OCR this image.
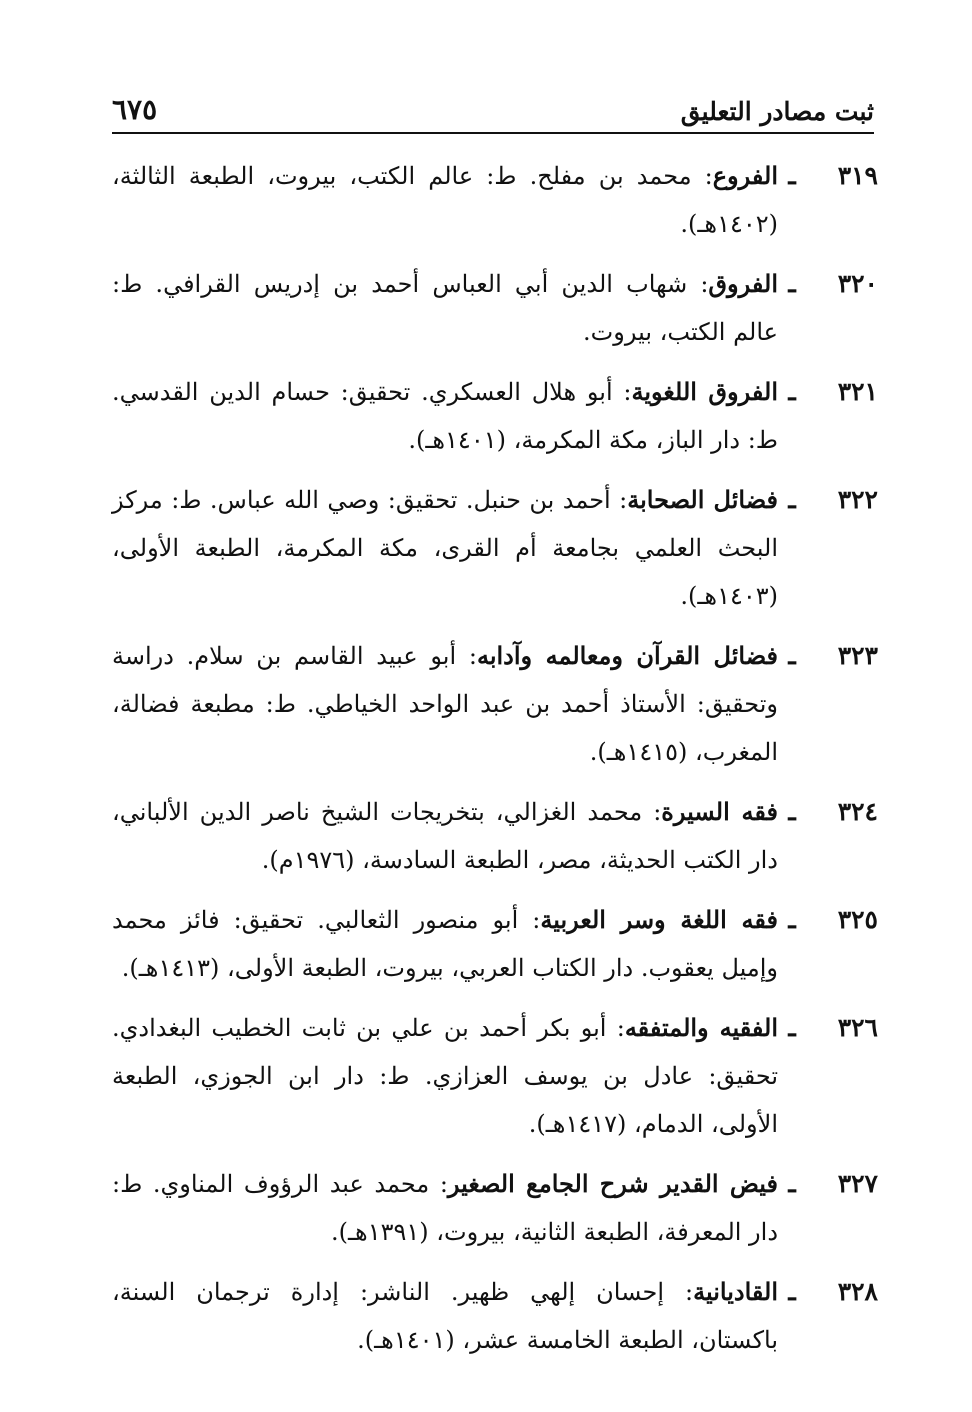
ثبت مصادر التعليق
٦٧٥
٣١٩
ـ
الفروع: محمد بن مفلح. ط: عالم الكتب، بيروت، الطبعة الثالثة، (١٤٠٢هـ).
٣٢٠
ـ
الفروق: شهاب الدين أبي العباس أحمد بن إدريس القرافي. ط: عالم الكتب، بيروت.
٣٢١
ـ
الفروق اللغوية: أبو هلال العسكري. تحقيق: حسام الدين القدسي. ط: دار الباز، مكة المكرمة، (١٤٠١هـ).
٣٢٢
ـ
فضائل الصحابة: أحمد بن حنبل. تحقيق: وصي الله عباس. ط: مركز البحث العلمي بجامعة أم القرى، مكة المكرمة، الطبعة الأولى، (١٤٠٣هـ).
٣٢٣
ـ
فضائل القرآن ومعالمه وآدابه: أبو عبيد القاسم بن سلام. دراسة وتحقيق: الأستاذ أحمد بن عبد الواحد الخياطي. ط: مطبعة فضالة، المغرب، (١٤١٥هـ).
٣٢٤
ـ
فقه السيرة: محمد الغزالي، بتخريجات الشيخ ناصر الدين الألباني، دار الكتب الحديثة، مصر، الطبعة السادسة، (١٩٧٦م).
٣٢٥
ـ
فقه اللغة وسر العربية: أبو منصور الثعالبي. تحقيق: فائز محمد وإميل يعقوب. دار الكتاب العربي، بيروت، الطبعة الأولى، (١٤١٣هـ).
٣٢٦
ـ
الفقيه والمتفقه: أبو بكر أحمد بن علي بن ثابت الخطيب البغدادي. تحقيق: عادل بن يوسف العزازي. ط: دار ابن الجوزي، الطبعة الأولى، الدمام، (١٤١٧هـ).
٣٢٧
ـ
فيض القدير شرح الجامع الصغير: محمد عبد الرؤوف المناوي. ط: دار المعرفة، الطبعة الثانية، بيروت، (١٣٩١هـ).
٣٢٨
ـ
القاديانية: إحسان إلهي ظهير. الناشر: إدارة ترجمان السنة، باكستان، الطبعة الخامسة عشر، (١٤٠١هـ).
